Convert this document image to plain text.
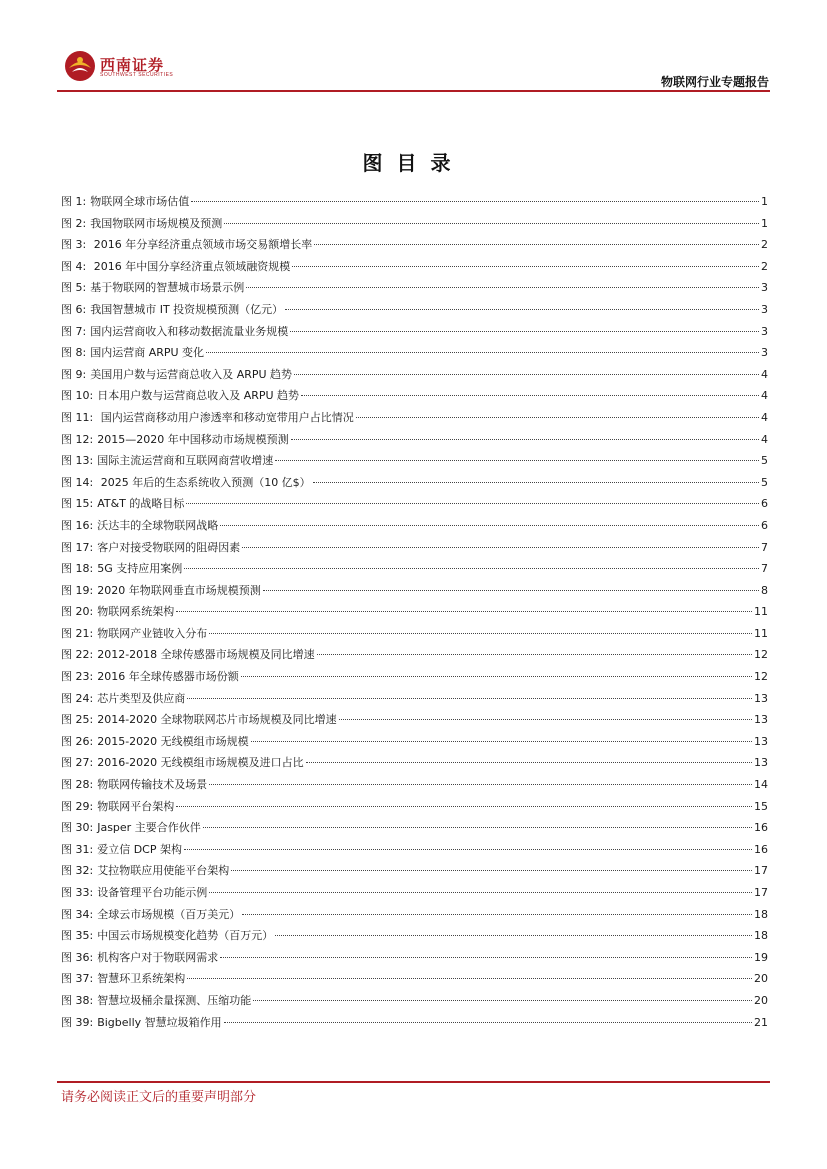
西南证券
SOUTHWEST SECURITIES	物联网行业专题报告
图目录
图 1: 物联网全球市场估值	1
图 2: 我国物联网市场规模及预测	1
图 3: 2016 年分享经济重点领域市场交易额增长率	2
图 4: 2016 年中国分享经济重点领域融资规模	2
图 5: 基于物联网的智慧城市场景示例	3
图 6: 我国智慧城市 IT 投资规模预测（亿元）	3
图 7: 国内运营商收入和移动数据流量业务规模	3
图 8: 国内运营商 ARPU 变化	3
图 9: 美国用户数与运营商总收入及 ARPU 趋势	4
图 10: 日本用户数与运营商总收入及 ARPU 趋势	4
图 11: 国内运营商移动用户渗透率和移动宽带用户占比情况	4
图 12: 2015—2020 年中国移动市场规模预测	4
图 13: 国际主流运营商和互联网商营收增速	5
图 14: 2025 年后的生态系统收入预测（10 亿$）	5
图 15: AT&T 的战略目标	6
图 16: 沃达丰的全球物联网战略	6
图 17: 客户对接受物联网的阻碍因素	7
图 18: 5G 支持应用案例	7
图 19: 2020 年物联网垂直市场规模预测	8
图 20: 物联网系统架构	11
图 21: 物联网产业链收入分布	11
图 22: 2012-2018 全球传感器市场规模及同比增速	12
图 23: 2016 年全球传感器市场份额	12
图 24: 芯片类型及供应商	13
图 25: 2014-2020 全球物联网芯片市场规模及同比增速	13
图 26: 2015-2020 无线模组市场规模	13
图 27: 2016-2020 无线模组市场规模及进口占比	13
图 28: 物联网传输技术及场景	14
图 29: 物联网平台架构	15
图 30: Jasper 主要合作伙伴	16
图 31: 爱立信 DCP 架构	16
图 32: 艾拉物联应用使能平台架构	17
图 33: 设备管理平台功能示例	17
图 34: 全球云市场规模（百万美元）	18
图 35: 中国云市场规模变化趋势（百万元）	18
图 36: 机构客户对于物联网需求	19
图 37: 智慧环卫系统架构	20
图 38: 智慧垃圾桶余量探测、压缩功能	20
图 39: Bigbelly 智慧垃圾箱作用	21
请务必阅读正文后的重要声明部分
